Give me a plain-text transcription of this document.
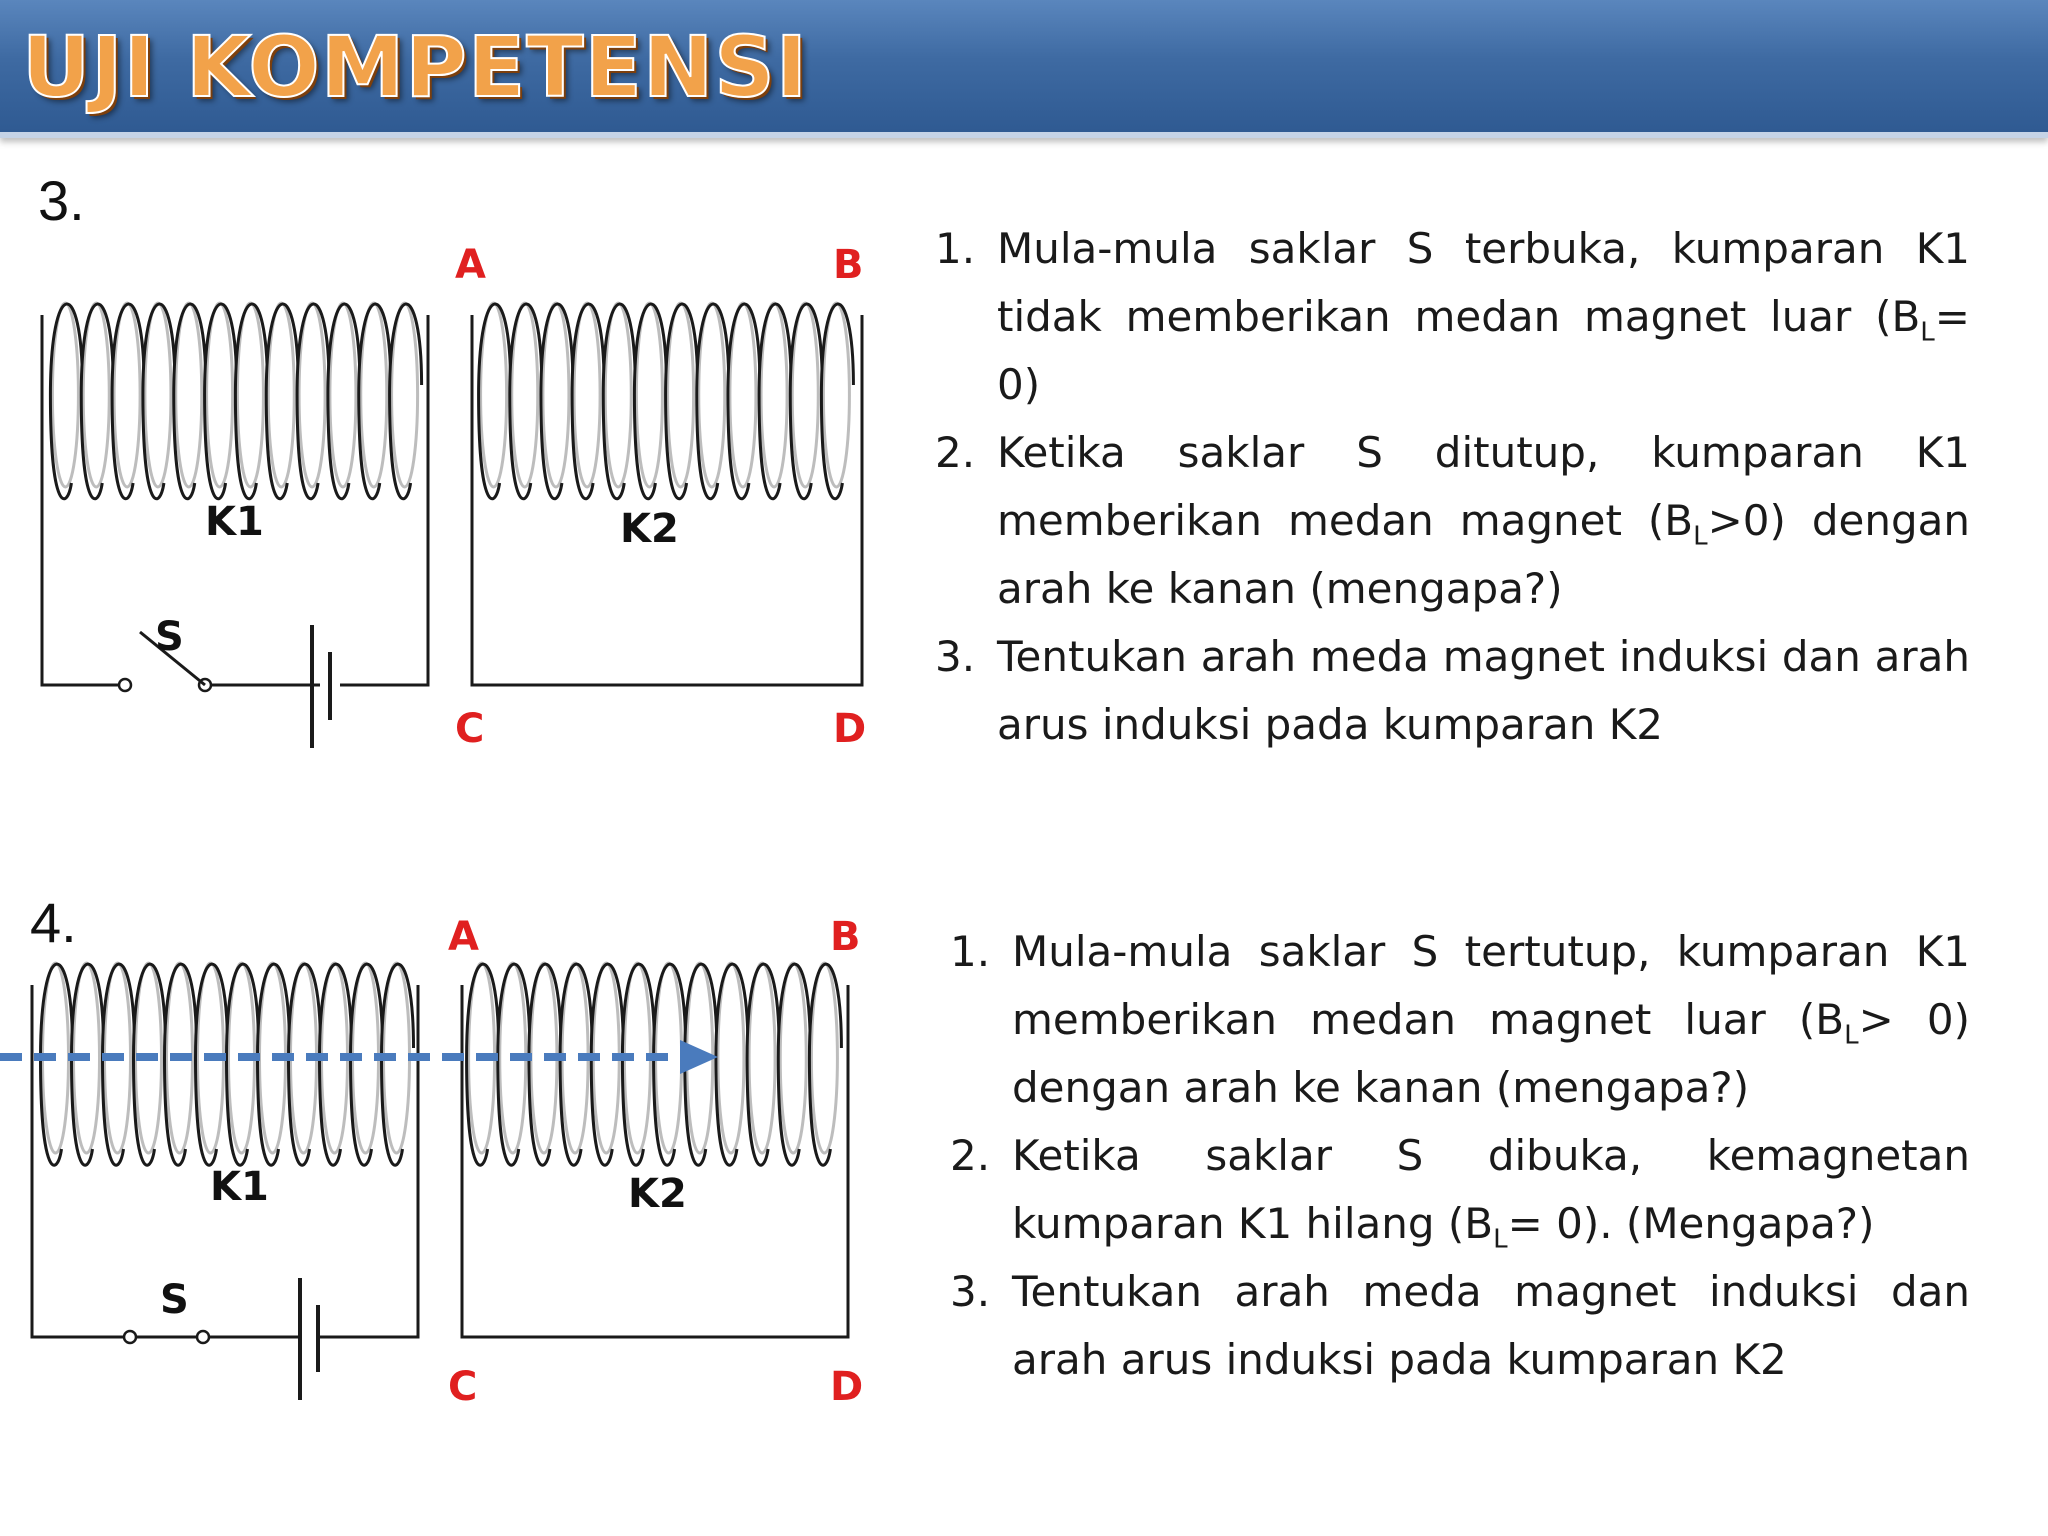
UJI KOMPETENSI

3.

K1	K2
S
A	B
C	D
1. Mula-mula saklar S terbuka, kumparan K1 tidak memberikan medan magnet luar $(B_L= 0)$
2. Ketika saklar S ditutup, kumparan K1 memberikan medan magnet $(B_L>0)$ dengan arah ke kanan (mengapa?)
3. Tentukan arah meda magnet induksi dan arah arus induksi pada kumparan K2

4.

K1	K2
S
A	B
C	D
1. Mula-mula saklar S tertutup, kumparan K1 memberikan medan magnet luar $(B_L> 0)$ dengan arah ke kanan (mengapa?)
2. Ketika saklar S dibuka, kemagnetan kumparan K1 hilang $(B_L= 0)$. (Mengapa?)
3. Tentukan arah meda magnet induksi dan arah arus induksi pada kumparan K2
